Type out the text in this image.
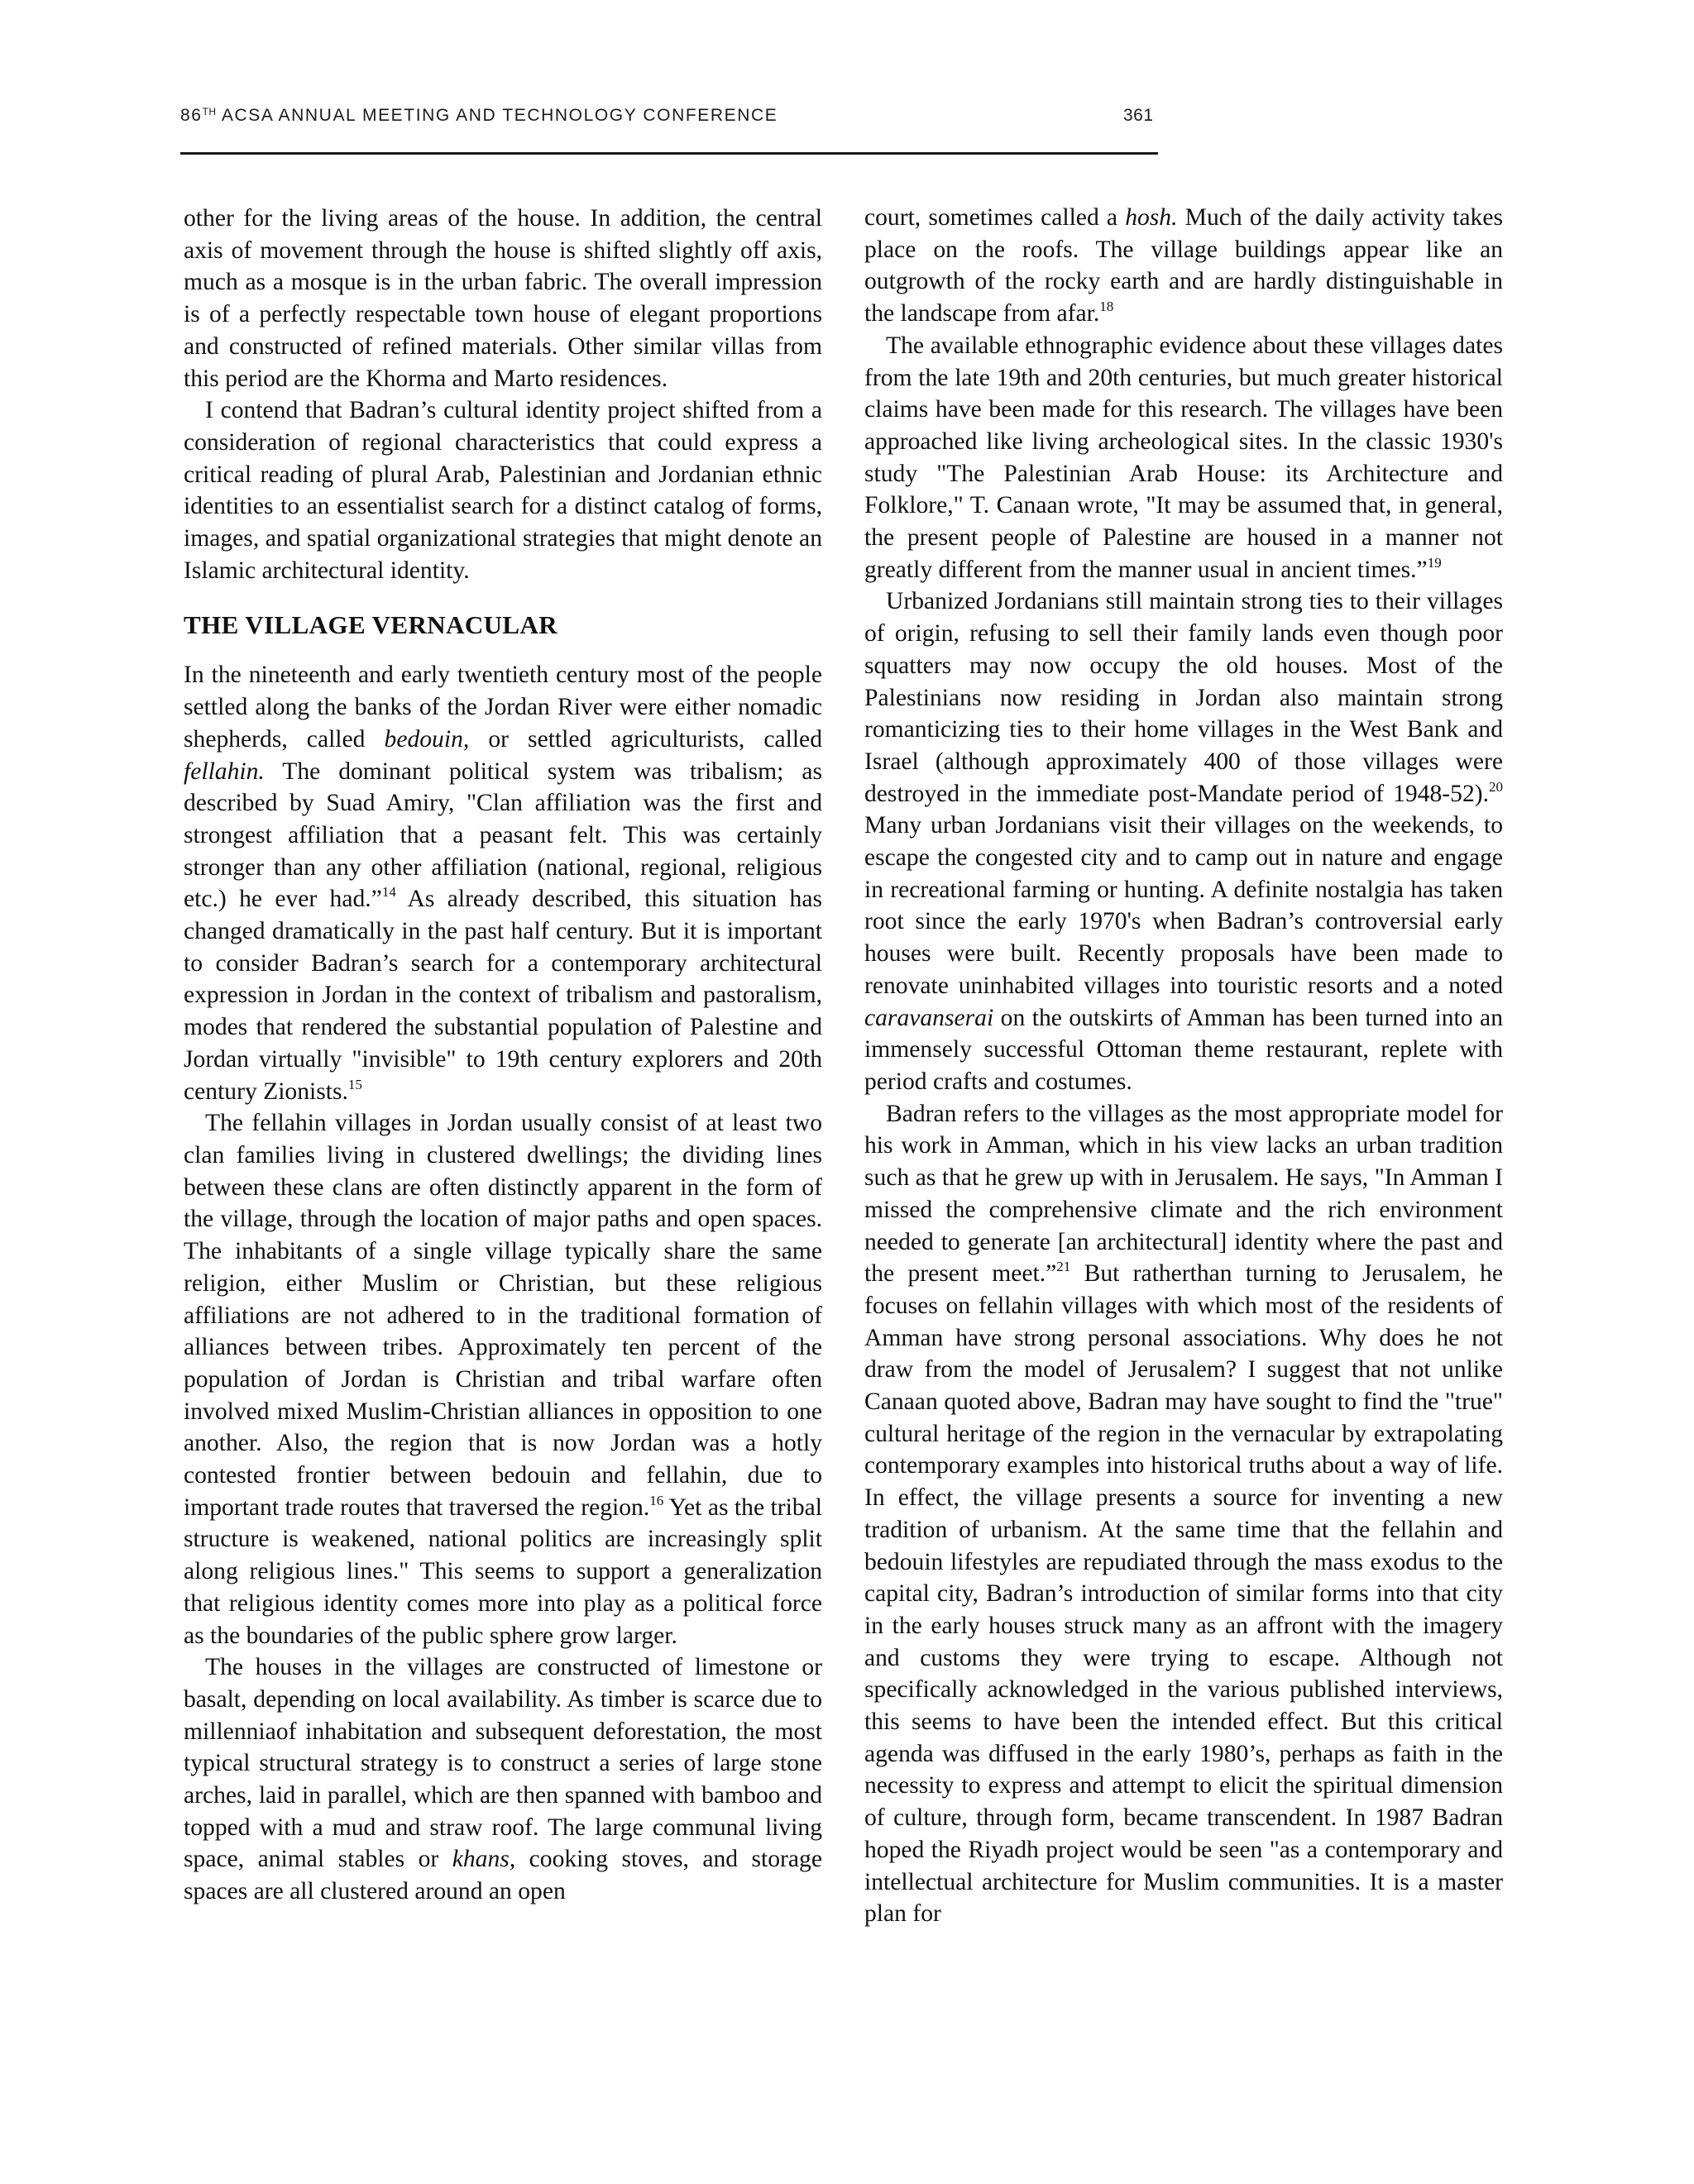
86TH ACSA ANNUAL MEETING AND TECHNOLOGY CONFERENCE	361

other for the living areas of the house. In addition, the central axis of movement through the house is shifted slightly off axis, much as a mosque is in the urban fabric. The overall impression is of a perfectly respectable town house of elegant proportions and constructed of refined materials. Other similar villas from this period are the Khorma and Marto residences.

I contend that Badran’s cultural identity project shifted from a consideration of regional characteristics that could express a critical reading of plural Arab, Palestinian and Jordanian ethnic identities to an essentialist search for a distinct catalog of forms, images, and spatial organizational strategies that might denote an Islamic architectural identity.

THE VILLAGE VERNACULAR

In the nineteenth and early twentieth century most of the people settled along the banks of the Jordan River were either nomadic shepherds, called bedouin, or settled agriculturists, called fellahin. The dominant political system was tribalism; as described by Suad Amiry, "Clan affiliation was the first and strongest affiliation that a peasant felt. This was certainly stronger than any other affiliation (national, regional, religious etc.) he ever had.”$^{14}$ As already described, this situation has changed dramatically in the past half century. But it is important to consider Badran’s search for a contemporary architectural expression in Jordan in the context of tribalism and pastoralism, modes that rendered the substantial population of Palestine and Jordan virtually "invisible" to 19th century explorers and 20th century Zionists.$^{15}$

The fellahin villages in Jordan usually consist of at least two clan families living in clustered dwellings; the dividing lines between these clans are often distinctly apparent in the form of the village, through the location of major paths and open spaces. The inhabitants of a single village typically share the same religion, either Muslim or Christian, but these religious affiliations are not adhered to in the traditional formation of alliances between tribes. Approximately ten percent of the population of Jordan is Christian and tribal warfare often involved mixed Muslim-Christian alliances in opposition to one another. Also, the region that is now Jordan was a hotly contested frontier between bedouin and fellahin, due to important trade routes that traversed the region.$^{16}$ Yet as the tribal structure is weakened, national politics are increasingly split along religious lines." This seems to support a generalization that religious identity comes more into play as a political force as the boundaries of the public sphere grow larger.

The houses in the villages are constructed of limestone or basalt, depending on local availability. As timber is scarce due to millenniaof inhabitation and subsequent deforestation, the most typical structural strategy is to construct a series of large stone arches, laid in parallel, which are then spanned with bamboo and topped with a mud and straw roof. The large communal living space, animal stables or khans, cooking stoves, and storage spaces are all clustered around an open

court, sometimes called a hosh. Much of the daily activity takes place on the roofs. The village buildings appear like an outgrowth of the rocky earth and are hardly distinguishable in the landscape from afar.$^{18}$

The available ethnographic evidence about these villages dates from the late 19th and 20th centuries, but much greater historical claims have been made for this research. The villages have been approached like living archeological sites. In the classic 1930's study "The Palestinian Arab House: its Architecture and Folklore," T. Canaan wrote, "It may be assumed that, in general, the present people of Palestine are housed in a manner not greatly different from the manner usual in ancient times.”$^{19}$

Urbanized Jordanians still maintain strong ties to their villages of origin, refusing to sell their family lands even though poor squatters may now occupy the old houses. Most of the Palestinians now residing in Jordan also maintain strong romanticizing ties to their home villages in the West Bank and Israel (although approximately 400 of those villages were destroyed in the immediate post-Mandate period of 1948-52).$^{20}$ Many urban Jordanians visit their villages on the weekends, to escape the congested city and to camp out in nature and engage in recreational farming or hunting. A definite nostalgia has taken root since the early 1970's when Badran’s controversial early houses were built. Recently proposals have been made to renovate uninhabited villages into touristic resorts and a noted caravanserai on the outskirts of Amman has been turned into an immensely successful Ottoman theme restaurant, replete with period crafts and costumes.

Badran refers to the villages as the most appropriate model for his work in Amman, which in his view lacks an urban tradition such as that he grew up with in Jerusalem. He says, "In Amman I missed the comprehensive climate and the rich environment needed to generate [an architectural] identity where the past and the present meet.”$^{21}$ But ratherthan turning to Jerusalem, he focuses on fellahin villages with which most of the residents of Amman have strong personal associations. Why does he not draw from the model of Jerusalem? I suggest that not unlike Canaan quoted above, Badran may have sought to find the "true" cultural heritage of the region in the vernacular by extrapolating contemporary examples into historical truths about a way of life. In effect, the village presents a source for inventing a new tradition of urbanism. At the same time that the fellahin and bedouin lifestyles are repudiated through the mass exodus to the capital city, Badran’s introduction of similar forms into that city in the early houses struck many as an affront with the imagery and customs they were trying to escape. Although not specifically acknowledged in the various published interviews, this seems to have been the intended effect. But this critical agenda was diffused in the early 1980’s, perhaps as faith in the necessity to express and attempt to elicit the spiritual dimension of culture, through form, became transcendent. In 1987 Badran hoped the Riyadh project would be seen "as a contemporary and intellectual architecture for Muslim communities. It is a master plan for
